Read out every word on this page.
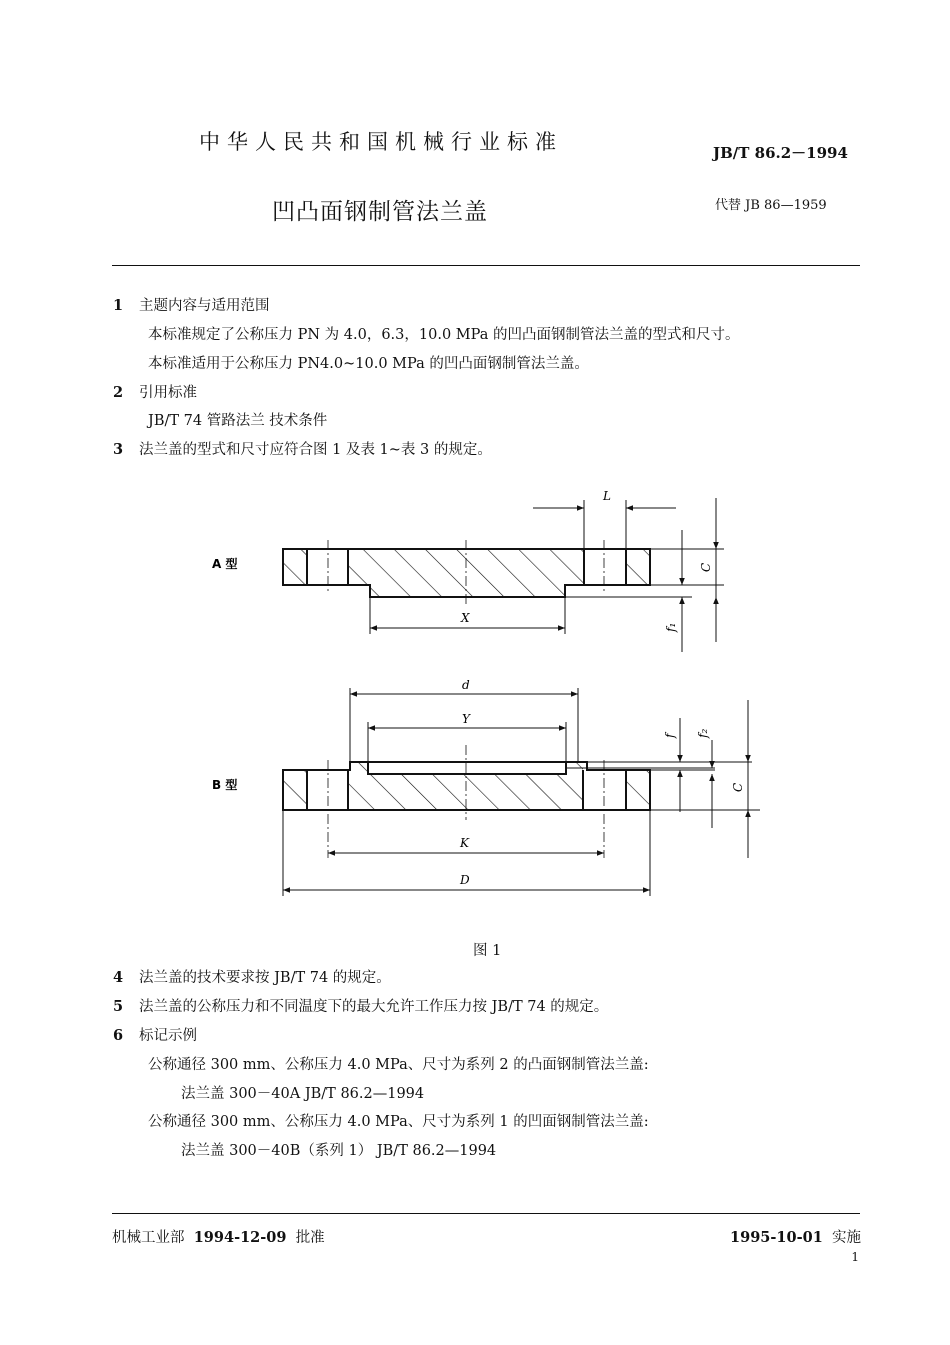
中华人民共和国机械行业标准	JB/T 86.2－1994
凹凸面钢制管法兰盖	代替 JB 86—1959
1 主题内容与适用范围
本标准规定了公称压力 PN 为 4.0，6.3，10.0 MPa 的凹凸面钢制管法兰盖的型式和尺寸。
本标准适用于公称压力 PN4.0~10.0 MPa 的凹凸面钢制管法兰盖。
2 引用标准
JB/T 74 管路法兰 技术条件
3 法兰盖的型式和尺寸应符合图 1 及表 1~表 3 的规定。
L
X
C
f₁
d
Y
K
D
f f₂
C
A 型
B 型
图 1
4 法兰盖的技术要求按 JB/T 74 的规定。
5 法兰盖的公称压力和不同温度下的最大允许工作压力按 JB/T 74 的规定。
6 标记示例
公称通径 300 mm、公称压力 4.0 MPa、尺寸为系列 2 的凸面钢制管法兰盖:
法兰盖 300－40A JB/T 86.2—1994
公称通径 300 mm、公称压力 4.0 MPa、尺寸为系列 1 的凹面钢制管法兰盖:
法兰盖 300－40B（系列 1） JB/T 86.2—1994
机械工业部 1994-12-09 批准	1995-10-01 实施
1
